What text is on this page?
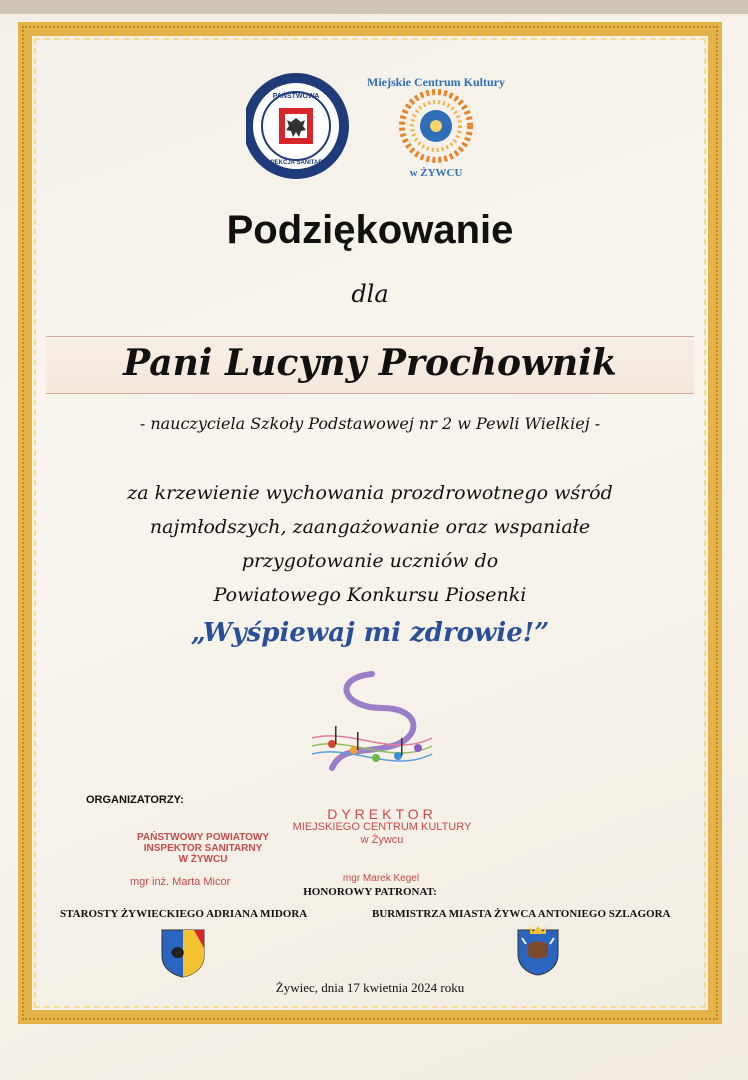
PAŃSTWOWA
INSPEKCJA SANITARNA
Miejskie Centrum Kultury
w ŻYWCU
Podziękowanie
dla
Pani Lucyny Prochownik
- nauczyciela Szkoły Podstawowej nr 2 w Pewli Wielkiej -
za krzewienie wychowania prozdrowotnego wśród
najmłodszych, zaangażowanie oraz wspaniałe
przygotowanie uczniów do
Powiatowego Konkursu Piosenki
„Wyśpiewaj mi zdrowie!”
ORGANIZATORZY:
PAŃSTWOWY POWIATOWY
INSPEKTOR SANITARNY
W ŻYWCU
mgr inż. Marta Micor
DYREKTOR
MIEJSKIEGO CENTRUM KULTURY
w Żywcu
mgr Marek Kegel
HONOROWY PATRONAT:
STAROSTY ŻYWIECKIEGO ADRIANA MIDORA	BURMISTRZA MIASTA ŻYWCA ANTONIEGO SZLAGORA
Żywiec, dnia 17 kwietnia 2024 roku
